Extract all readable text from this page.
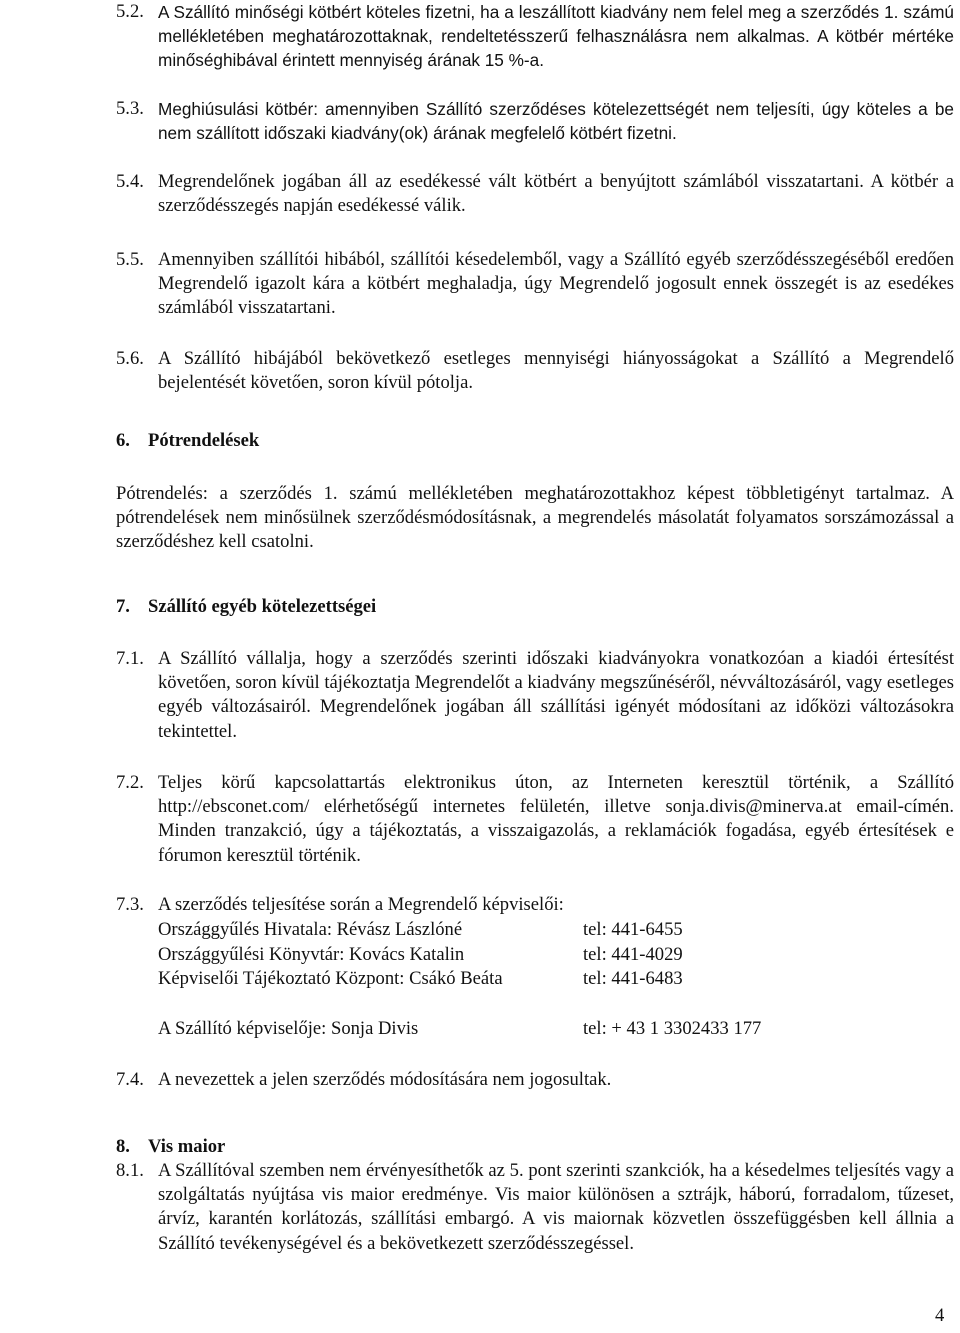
5.2. A Szállító minőségi kötbért köteles fizetni, ha a leszállított kiadvány nem felel meg a szerződés 1. számú mellékletében meghatározottaknak, rendeltetésszerű felhasználásra nem alkalmas. A kötbér mértéke minőséghibával érintett mennyiség árának 15 %-a.
5.3. Meghiúsulási kötbér: amennyiben Szállító szerződéses kötelezettségét nem teljesíti, úgy köteles a be nem szállított időszaki kiadvány(ok) árának megfelelő kötbért fizetni.
5.4. Megrendelőnek jogában áll az esedékessé vált kötbért a benyújtott számlából visszatartani. A kötbér a szerződésszegés napján esedékessé válik.
5.5. Amennyiben szállítói hibából, szállítói késedelemből, vagy a Szállító egyéb szerződésszegéséből eredően Megrendelő igazolt kára a kötbért meghaladja, úgy Megrendelő jogosult ennek összegét is az esedékes számlából visszatartani.
5.6. A Szállító hibájából bekövetkező esetleges mennyiségi hiányosságokat a Szállító a Megrendelő bejelentését követően, soron kívül pótolja.
6. Pótrendelések
Pótrendelés: a szerződés 1. számú mellékletében meghatározottakhoz képest többletigényt tartalmaz. A pótrendelések nem minősülnek szerződésmódosításnak, a megrendelés másolatát folyamatos sorszámozással a szerződéshez kell csatolni.
7. Szállító egyéb kötelezettségei
7.1. A Szállító vállalja, hogy a szerződés szerinti időszaki kiadványokra vonatkozóan a kiadói értesítést követően, soron kívül tájékoztatja Megrendelőt a kiadvány megszűnéséről, névváltozásáról, vagy esetleges egyéb változásairól. Megrendelőnek jogában áll szállítási igényét módosítani az időközi változásokra tekintettel.
7.2. Teljes körű kapcsolattartás elektronikus úton, az Interneten keresztül történik, a Szállító http://ebsconet.com/ elérhetőségű internetes felületén, illetve sonja.divis@minerva.at email-címén. Minden tranzakció, úgy a tájékoztatás, a visszaigazolás, a reklamációk fogadása, egyéb értesítések e fórumon keresztül történik.
7.3. A szerződés teljesítése során a Megrendelő képviselői:
Országgyűlés Hivatala: Révász Lászlóné	tel: 441-6455
Országgyűlési Könyvtár: Kovács Katalin	tel: 441-4029
Képviselői Tájékoztató Központ: Csákó Beáta	tel: 441-6483
A Szállító képviselője: Sonja Divis	tel: + 43 1 3302433 177
7.4. A nevezettek a jelen szerződés módosítására nem jogosultak.
8. Vis maior
8.1. A Szállítóval szemben nem érvényesíthetők az 5. pont szerinti szankciók, ha a késedelmes teljesítés vagy a szolgáltatás nyújtása vis maior eredménye. Vis maior különösen a sztrájk, háború, forradalom, tűzeset, árvíz, karantén korlátozás, szállítási embargó. A vis maiornak közvetlen összefüggésben kell állnia a Szállító tevékenységével és a bekövetkezett szerződésszegéssel.
4
